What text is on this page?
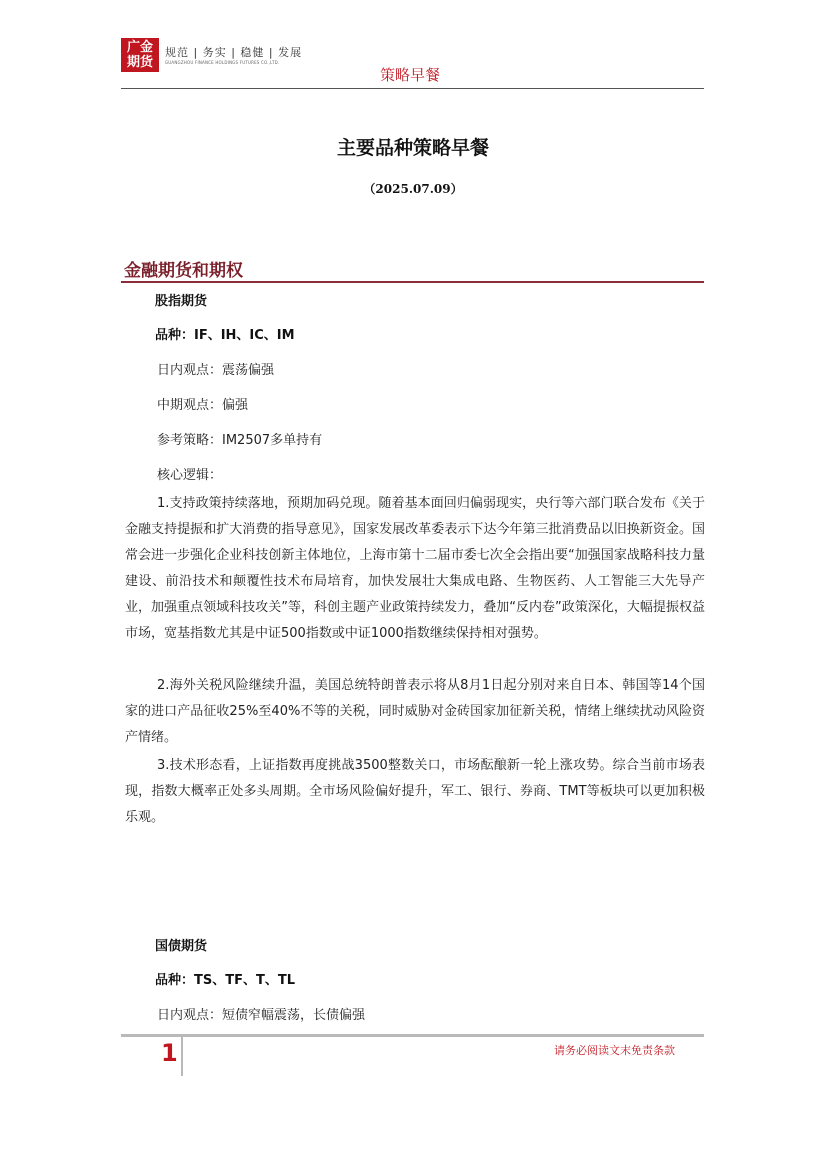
广金
期货
规范 | 务实 | 稳健 | 发展
GUANGZHOU FINANCE HOLDINGS FUTURES CO.,LTD.
策略早餐
主要品种策略早餐
（2025.07.09）
金融期货和期权
股指期货
品种：IF、IH、IC、IM
日内观点：震荡偏强
中期观点：偏强
参考策略：IM2507多单持有
核心逻辑：

1.支持政策持续落地，预期加码兑现。随着基本面回归偏弱现实，央行等六部门联合发布《关于金融支持提振和扩大消费的指导意见》，国家发展改革委表示下达今年第三批消费品以旧换新资金。国常会进一步强化企业科技创新主体地位，上海市第十二届市委七次全会指出要“加强国家战略科技力量建设、前沿技术和颠覆性技术布局培育，加快发展壮大集成电路、生物医药、人工智能三大先导产业，加强重点领域科技攻关”等，科创主题产业政策持续发力，叠加“反内卷”政策深化，大幅提振权益市场，宽基指数尤其是中证500指数或中证1000指数继续保持相对强势。

2.海外关税风险继续升温，美国总统特朗普表示将从8月1日起分别对来自日本、韩国等14个国家的进口产品征收25%至40%不等的关税，同时威胁对金砖国家加征新关税，情绪上继续扰动风险资产情绪。

3.技术形态看，上证指数再度挑战3500整数关口，市场酝酿新一轮上涨攻势。综合当前市场表现，指数大概率正处多头周期。全市场风险偏好提升，军工、银行、券商、TMT等板块可以更加积极乐观。

国债期货
品种：TS、TF、T、TL
日内观点：短债窄幅震荡，长债偏强
1	请务必阅读文末免责条款
